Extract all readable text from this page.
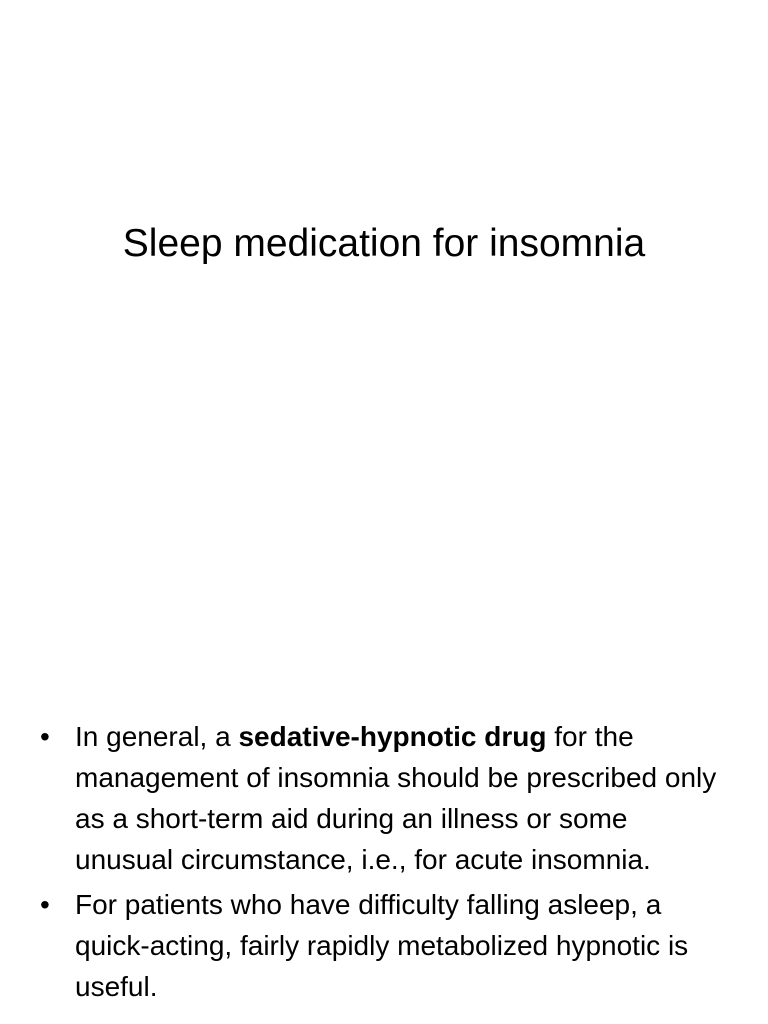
Sleep medication for insomnia
• In general, a sedative-hypnotic drug for the management of insomnia should be prescribed only as a short-term aid during an illness or some unusual circumstance, i.e., for acute insomnia.
• For patients who have difficulty falling asleep, a quick-acting, fairly rapidly metabolized hypnotic is useful.
